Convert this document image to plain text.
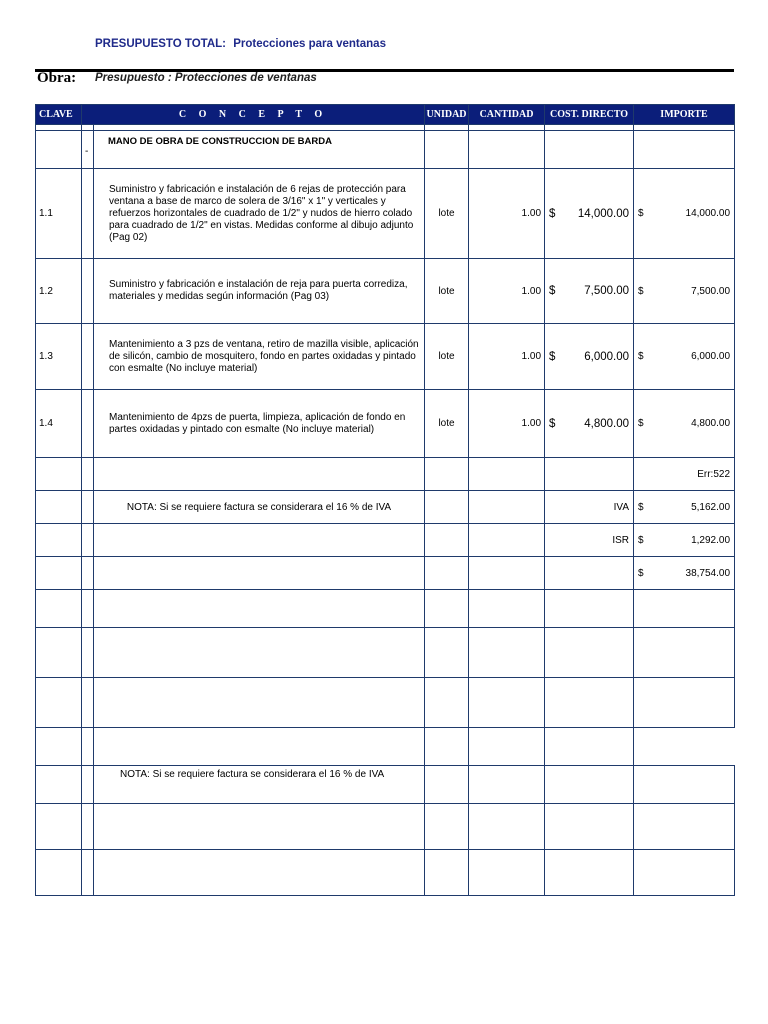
PRESUPUESTO TOTAL: Protecciones para ventanas
Obra: Presupuesto : Protecciones de ventanas
CLAVE	C O N C E P T O		UNIDAD	CANTIDAD	COST. DIRECTO	IMPORTE

	-	MANO DE OBRA DE CONSTRUCCION DE BARDA				
1.1		Suministro y fabricación e instalación de 6 rejas de protección para ventana a base de marco de solera de 3/16" x 1" y verticales y refuerzos horizontales de cuadrado de 1/2" y nudos de hierro colado para cuadrado de 1/2" en vistas. Medidas conforme al dibujo adjunto (Pag 02)	lote	1.00	$ 14,000.00	$ 14,000.00

1.2		Suministro y fabricación e instalación de reja para puerta corrediza, materiales y medidas según información (Pag 03)	lote	1.00	$ 7,500.00	$ 7,500.00

1.3		Mantenimiento a 3 pzs de ventana, retiro de mazilla visible, aplicación de silicón, cambio de mosquitero, fondo en partes oxidadas y pintado con esmalte (No incluye material)	lote	1.00	$ 6,000.00	$ 6,000.00

1.4		Mantenimiento de 4pzs de puerta, limpieza, aplicación de fondo en partes oxidadas y pintado con esmalte (No incluye material)	lote	1.00	$ 4,800.00	$ 4,800.00

						Err:522
		NOTA: Si se requiere factura se considerara el 16 % de IVA			IVA	$ 5,162.00

					ISR	$ 1,292.00

						$ 38,754.00

		NOTA: Si se requiere factura se considerara el 16 % de IVA				
